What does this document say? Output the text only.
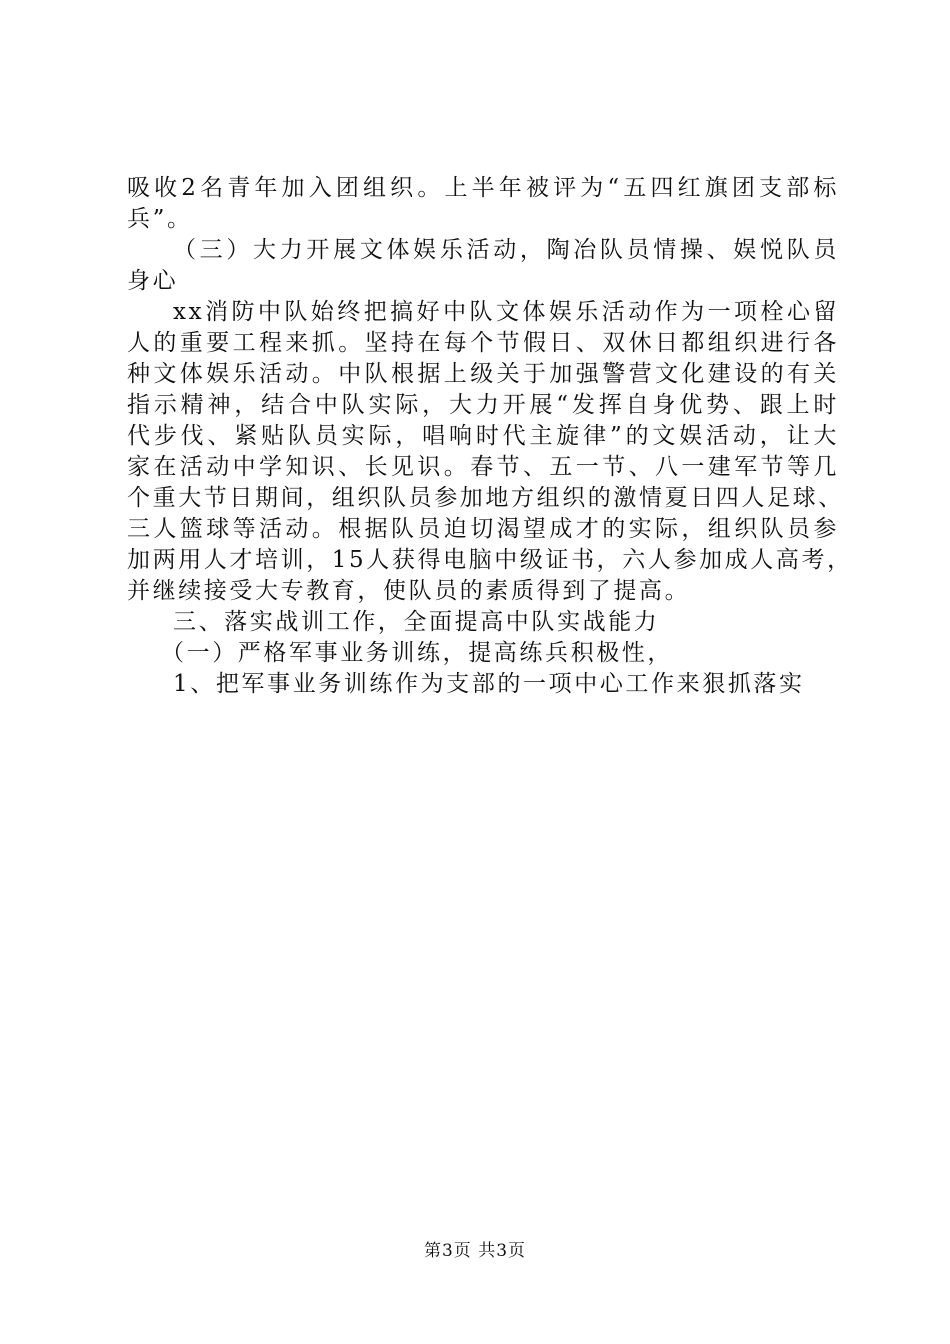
吸收2名青年加入团组织。上半年被评为“五四红旗团支部标
兵”。
（三）大力开展文体娱乐活动，陶冶队员情操、娱悦队员
身心
xx消防中队始终把搞好中队文体娱乐活动作为一项栓心留
人的重要工程来抓。坚持在每个节假日、双休日都组织进行各
种文体娱乐活动。中队根据上级关于加强警营文化建设的有关
指示精神，结合中队实际，大力开展“发挥自身优势、跟上时
代步伐、紧贴队员实际，唱响时代主旋律”的文娱活动，让大
家在活动中学知识、长见识。春节、五一节、八一建军节等几
个重大节日期间，组织队员参加地方组织的激情夏日四人足球、
三人篮球等活动。根据队员迫切渴望成才的实际，组织队员参
加两用人才培训，15人获得电脑中级证书，六人参加成人高考，
并继续接受大专教育，使队员的素质得到了提高。
三、落实战训工作，全面提高中队实战能力
（一）严格军事业务训练，提高练兵积极性，
1、把军事业务训练作为支部的一项中心工作来狠抓落实
第3页 共3页
